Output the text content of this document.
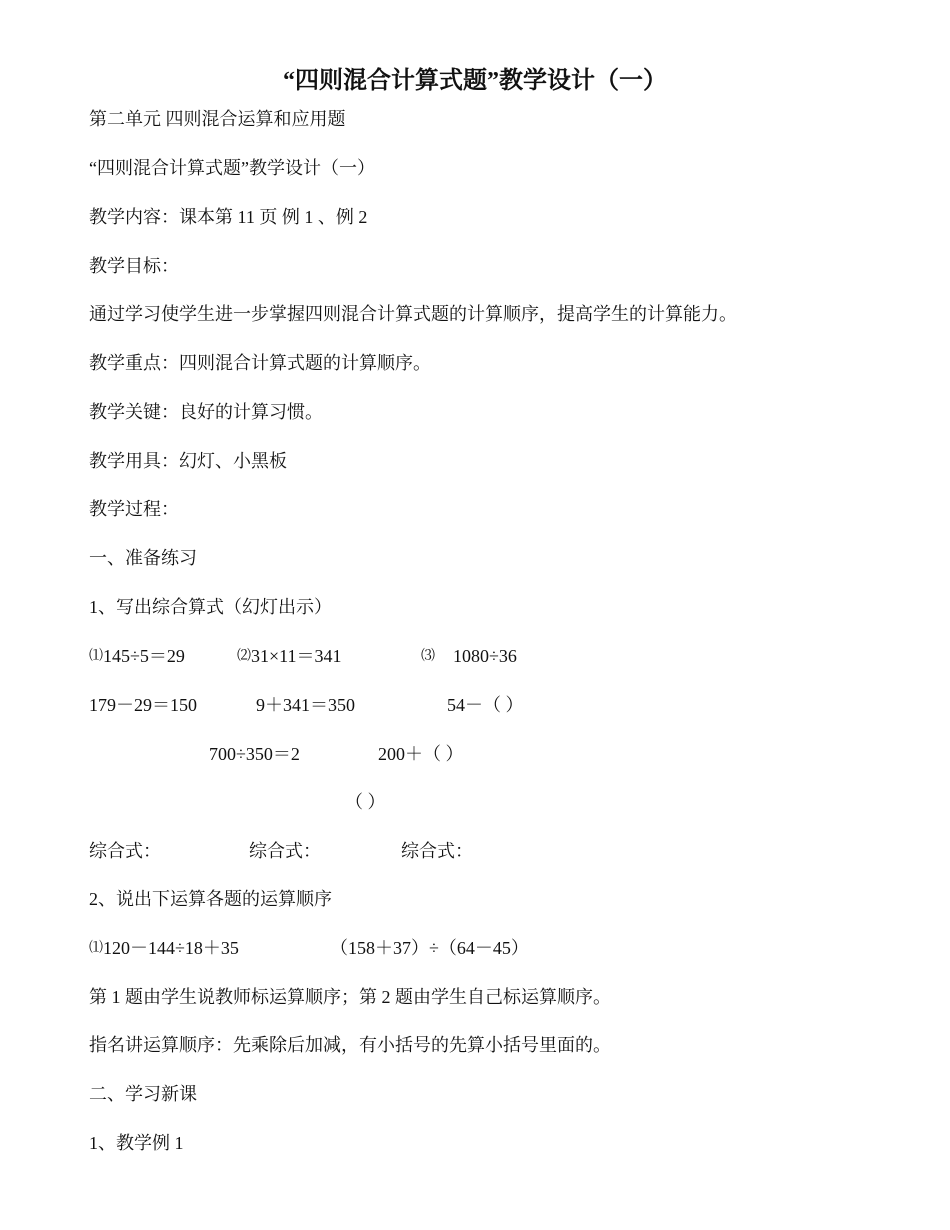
“四则混合计算式题”教学设计（一）

第二单元 四则混合运算和应用题

“四则混合计算式题”教学设计（一）

教学内容：课本第 11 页 例 1 、例 2

教学目标：

通过学习使学生进一步掌握四则混合计算式题的计算顺序，提高学生的计算能力。

教学重点：四则混合计算式题的计算顺序。

教学关键：良好的计算习惯。

教学用具：幻灯、小黑板

教学过程：

一、准备练习

1、写出综合算式（幻灯出示）

⑴145÷5＝29	⑵31×11＝341	⑶ 1080÷36
179－29＝150	9＋341＝350	54－（ ）
700÷350＝2	200＋（ ）
（ ）
综合式：	综合式：	综合式：

2、说出下运算各题的运算顺序

⑴120－144÷18＋35	（158＋37）÷（64－45）

第 1 题由学生说教师标运算顺序；第 2 题由学生自己标运算顺序。

指名讲运算顺序：先乘除后加减，有小括号的先算小括号里面的。

二、学习新课

1、教学例 1
